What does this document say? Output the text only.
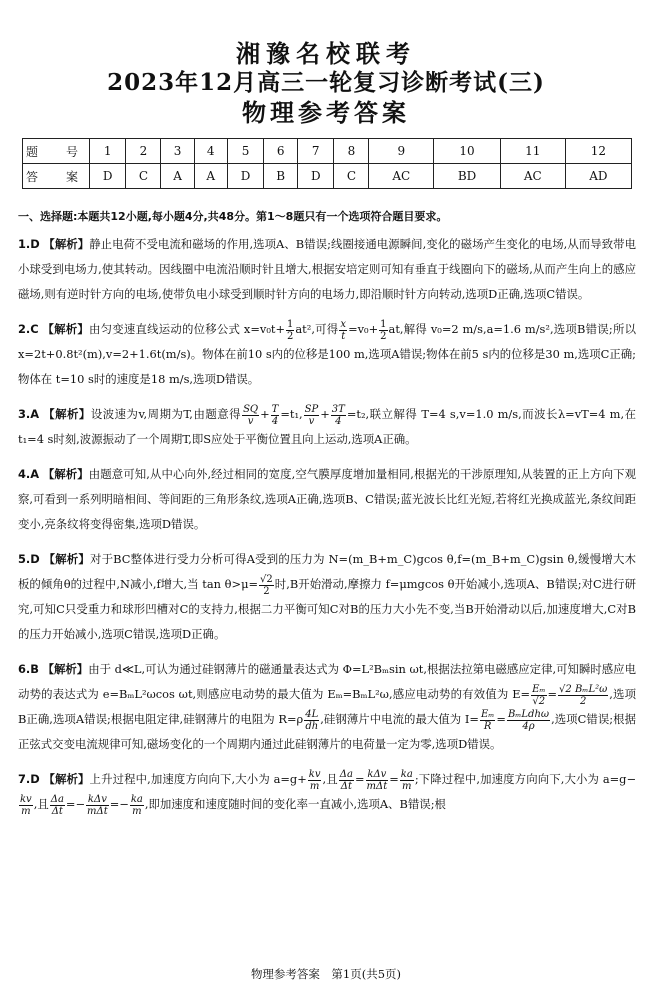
湘豫名校联考

2023年12月高三一轮复习诊断考试(三)

物理参考答案

题　号	1	2	3	4	5	6	7	8	9	10	11	12
答　案	D	C	A	A	D	B	D	C	AC	BD	AC	AD

一、选择题:本题共12小题,每小题4分,共48分。第1～8题只有一个选项符合题目要求。

1.D 【解析】静止电荷不受电流和磁场的作用,选项A、B错误;线圈接通电源瞬间,变化的磁场产生变化的电场,从而导致带电小球受到电场力,使其转动。因线圈中电流沿顺时针且增大,根据安培定则可知有垂直于线圈向下的磁场,从而产生向上的感应磁场,则有逆时针方向的电场,使带负电小球受到顺时针方向的电场力,即沿顺时针方向转动,选项D正确,选项C错误。

2.C 【解析】由匀变速直线运动的位移公式 $x=v_0t+ \frac{1}{2} at^2$,可得 $\frac{x}{t} =v_0+ \frac{1}{2}$ at,解得 v₀=2 m/s,a=1.6 m/s²,选项B错误;所以 x=2t+0.8t²(m),v=2+1.6t(m/s)。物体在前10 s内的位移是100 m,选项A错误;物体在前5 s内的位移是30 m,选项C正确;物体在 t=10 s时的速度是18 m/s,选项D错误。

3.A 【解析】设波速为v,周期为T,由题意得 $\frac{SQ}{v} + \frac{T}{4} =t_1$, $\frac{SP}{v} + \frac{3T}{4} =t_2$,联立解得 T=4 s,v=1.0 m/s,而波长λ=vT=4 m,在 t₁=4 s时刻,波源振动了一个周期T,即S应处于平衡位置且向上运动,选项A正确。

4.A 【解析】由题意可知,从中心向外,经过相同的宽度,空气膜厚度增加量相同,根据光的干涉原理知,从装置的正上方向下观察,可看到一系列明暗相间、等间距的三角形条纹,选项A正确,选项B、C错误;蓝光波长比红光短,若将红光换成蓝光,条纹间距变小,亮条纹将变得密集,选项D错误。

5.D 【解析】对于BC整体进行受力分析可得A受到的压力为 N=(m_B+m_C)gcos θ,f=(m_B+m_C)gsin θ,缓慢增大木板的倾角θ的过程中,N减小,f增大,当 $\tan \theta>\mu= \frac{√2}{2}$ 时,B开始滑动,摩擦力 f=μmgcos θ开始减小,选项A、B错误;对C进行研究,可知C只受重力和球形凹槽对C的支持力,根据二力平衡可知C对B的压力大小先不变,当B开始滑动以后,加速度增大,C对B的压力开始减小,选项C错误,选项D正确。

6.B 【解析】由于 d≪L,可认为通过硅钢薄片的磁通量表达式为 Φ=L²Bₘsin ωt,根据法拉第电磁感应定律,可知瞬时感应电动势的表达式为 e=BₘL²ωcos ωt,则感应电动势的最大值为 Eₘ=BₘL²ω,感应电动势的有效值为 $E= \frac{\text{Eₘ}}{√2} = \frac{\text{√2 BₘL²ω}}{2}$ ,选项B正确,选项A错误;根据电阻定律,硅钢薄片的电阻为 $R=\rho \frac{4L}{dh}$ ,硅钢薄片中电流的最大值为 $I= \frac{\text{Eₘ}}{R} = \frac{\text{BₘLdhω}}{4\rho}$ ,选项C错误;根据正弦式交变电流规律可知,磁场变化的一个周期内通过此硅钢薄片的电荷量一定为零,选项D错误。

7.D 【解析】上升过程中,加速度方向向下,大小为 $a=g+ \frac{kv}{m}$ ,且 $\frac{\Delta a}{\Delta t} = \frac{\text{kΔv}}{\text{mΔt}} = \frac{ka}{m}$ ;下降过程中,加速度方向向下,大小为 a=g−
$\frac{kv}{m}$ ,且 $\frac{\Delta a}{\Delta t} =- \frac{\text{kΔv}}{\text{mΔt}} =- \frac{ka}{m}$ ,即加速度和速度随时间的变化率一直减小,选项A、B错误;根

物理参考答案　第1页(共5页)
